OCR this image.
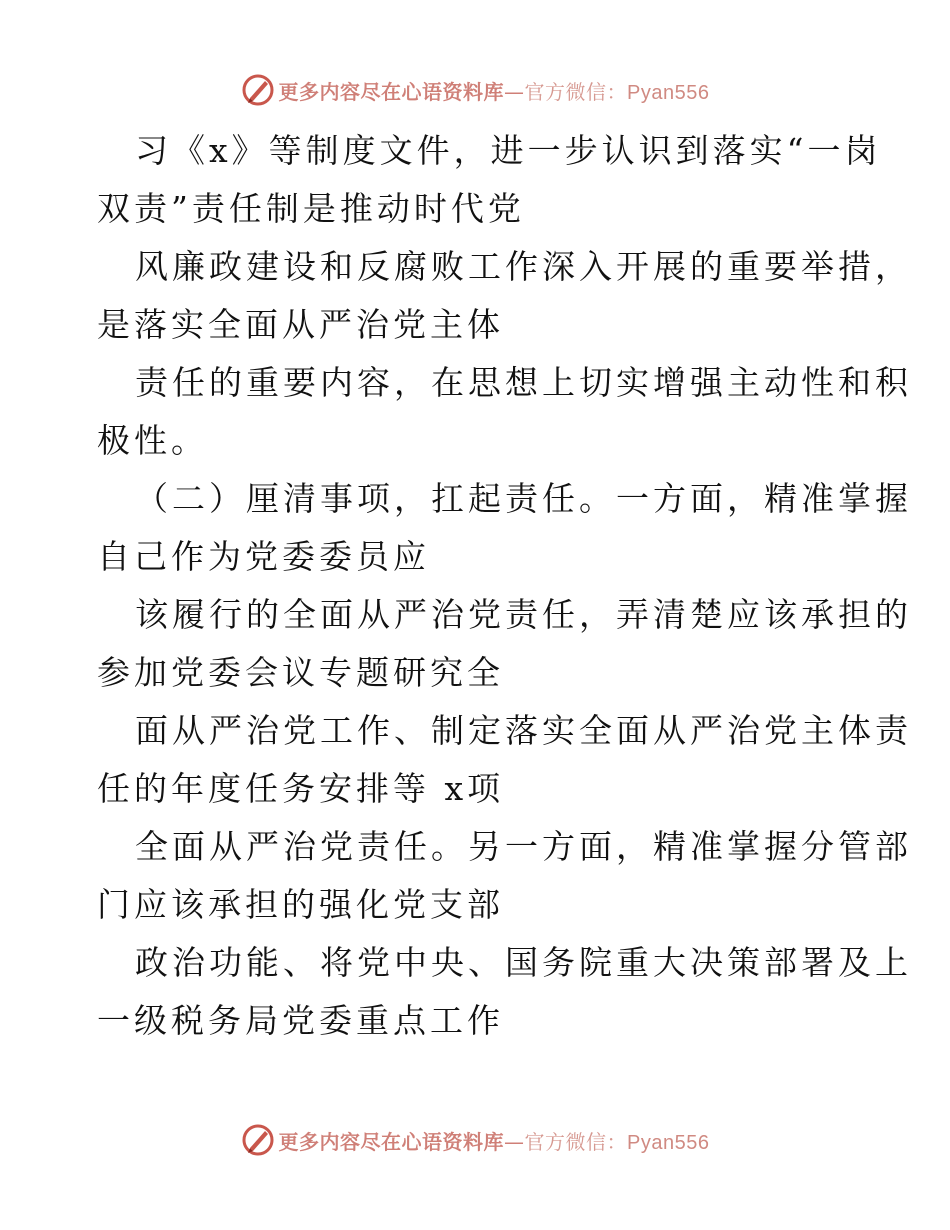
更多内容尽在心语资料库—官方微信：Pyan556
习《x》等制度文件，进一步认识到落实“一岗
双责”责任制是推动时代党
风廉政建设和反腐败工作深入开展的重要举措，
是落实全面从严治党主体
责任的重要内容，在思想上切实增强主动性和积
极性。
（二）厘清事项，扛起责任。一方面，精准掌握
自己作为党委委员应
该履行的全面从严治党责任，弄清楚应该承担的
参加党委会议专题研究全
面从严治党工作、制定落实全面从严治党主体责
任的年度任务安排等 x项
全面从严治党责任。另一方面，精准掌握分管部
门应该承担的强化党支部
政治功能、将党中央、国务院重大决策部署及上
一级税务局党委重点工作
更多内容尽在心语资料库—官方微信：Pyan556
